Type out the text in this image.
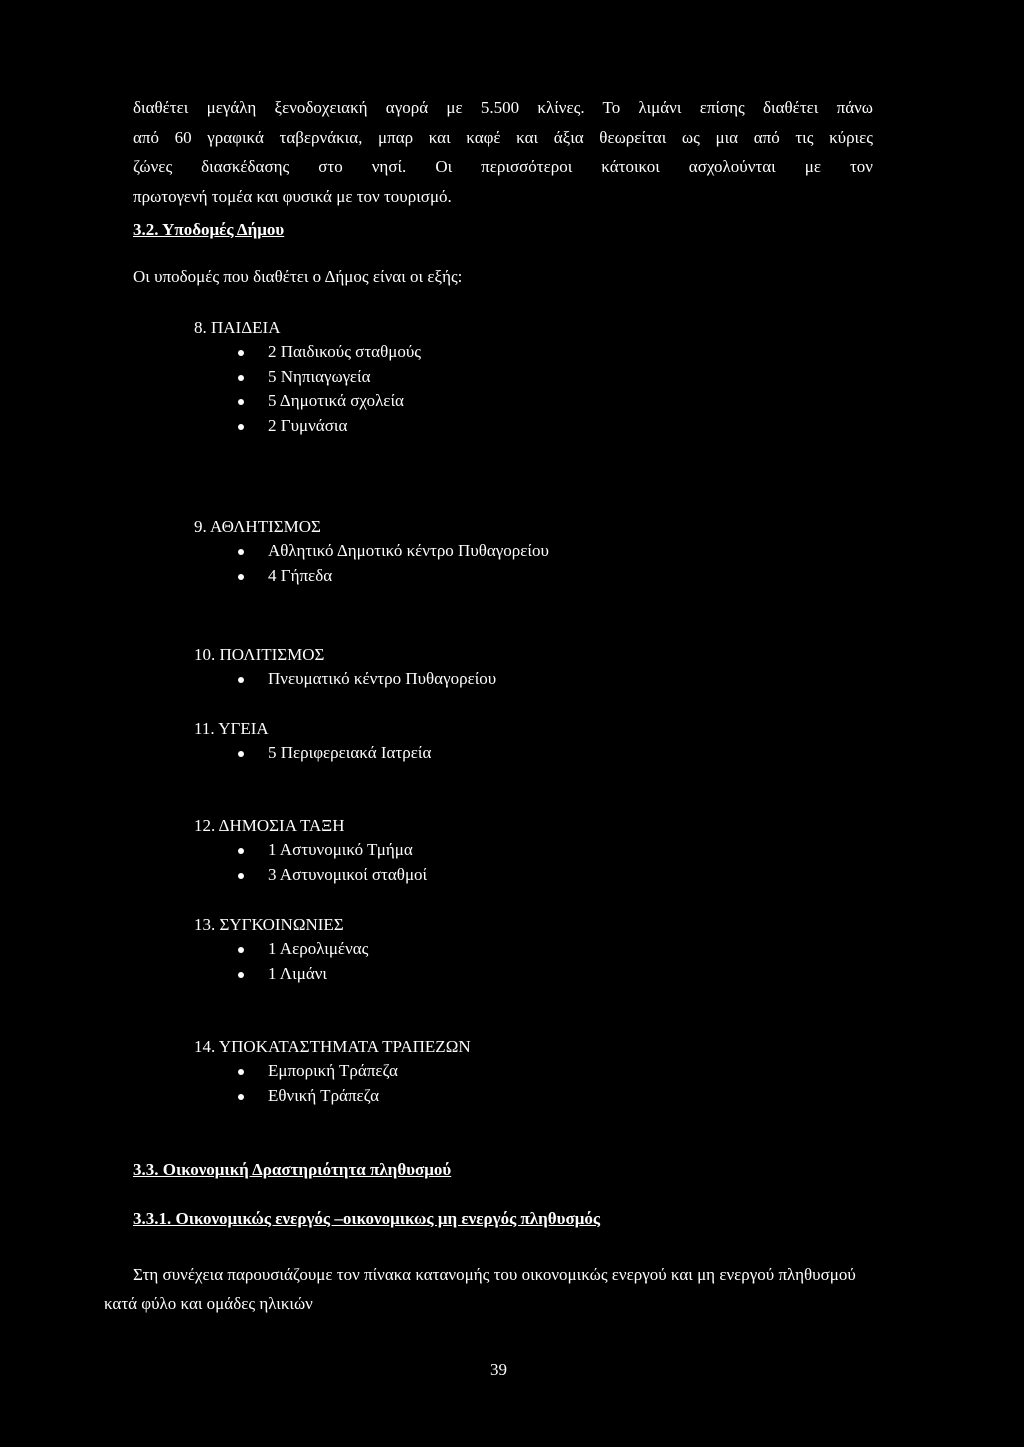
διαθέτει μεγάλη ξενοδοχειακή αγορά με 5.500 κλίνες. Το λιμάνι επίσης διαθέτει πάνω
από 60 γραφικά ταβερνάκια, μπαρ και καφέ και άξια θεωρείται ως μια από τις κύριες
ζώνες διασκέδασης στο νησί. Οι περισσότεροι κάτοικοι ασχολούνται με τον
πρωτογενή τομέα και φυσικά με τον τουρισμό.

3.2. Υποδομές Δήμου
Οι υποδομές που διαθέτει ο Δήμος είναι οι εξής:
8. ΠΑΙΔΕΙΑ
2 Παιδικούς σταθμούς
5 Νηπιαγωγεία
5 Δημοτικά σχολεία
2 Γυμνάσια
9. ΑΘΛΗΤΙΣΜΟΣ
Αθλητικό Δημοτικό κέντρο Πυθαγορείου
4 Γήπεδα
10. ΠΟΛΙΤΙΣΜΟΣ
Πνευματικό κέντρο Πυθαγορείου
11. ΥΓΕΙΑ
5 Περιφερειακά Ιατρεία
12. ΔΗΜΟΣΙΑ ΤΑΞΗ
1 Αστυνομικό Τμήμα
3 Αστυνομικοί σταθμοί
13. ΣΥΓΚΟΙΝΩΝΙΕΣ
1 Αερολιμένας
1 Λιμάνι
14. ΥΠΟΚΑΤΑΣΤΗΜΑΤΑ ΤΡΑΠΕΖΩΝ
Εμπορική Τράπεζα
Εθνική Τράπεζα
3.3. Οικονομική Δραστηριότητα πληθυσμού
3.3.1. Οικονομικώς ενεργός –οικονομικως μη ενεργός πληθυσμός

Στη συνέχεια παρουσιάζουμε τον πίνακα κατανομής του οικονομικώς ενεργού και μη ενεργού πληθυσμού κατά φύλο και ομάδες ηλικιών

39
